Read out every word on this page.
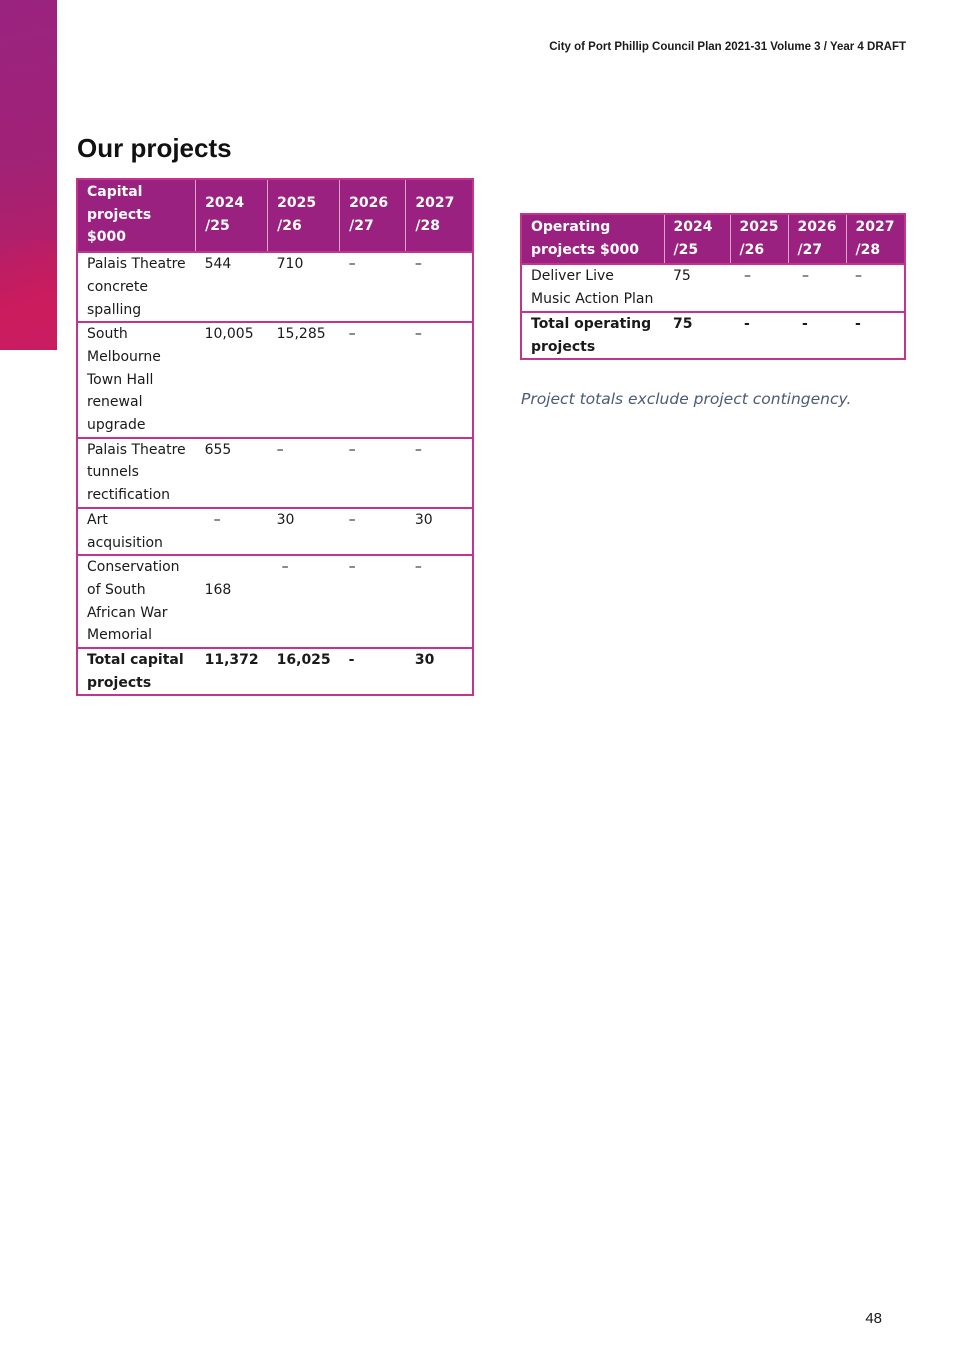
City of Port Phillip Council Plan 2021-31 Volume 3 / Year 4 DRAFT
Our projects
Capital projects $000	2024 /25	2025 /26	2026 /27	2027 /28
Palais Theatre concrete spalling	544	710	–	–
South Melbourne Town Hall renewal upgrade	10,005	15,285	–	–
Palais Theatre tunnels rectification	655	–	–	–
Art acquisition	–	30	–	30
Conservation of South African War Memorial	168	–	–	–
Total capital projects	11,372	16,025	-	30
Operating projects $000	2024 /25	2025 /26	2026 /27	2027 /28
Deliver Live Music Action Plan	75	–	–	–
Total operating projects	75	-	-	-
Project totals exclude project contingency.
48
